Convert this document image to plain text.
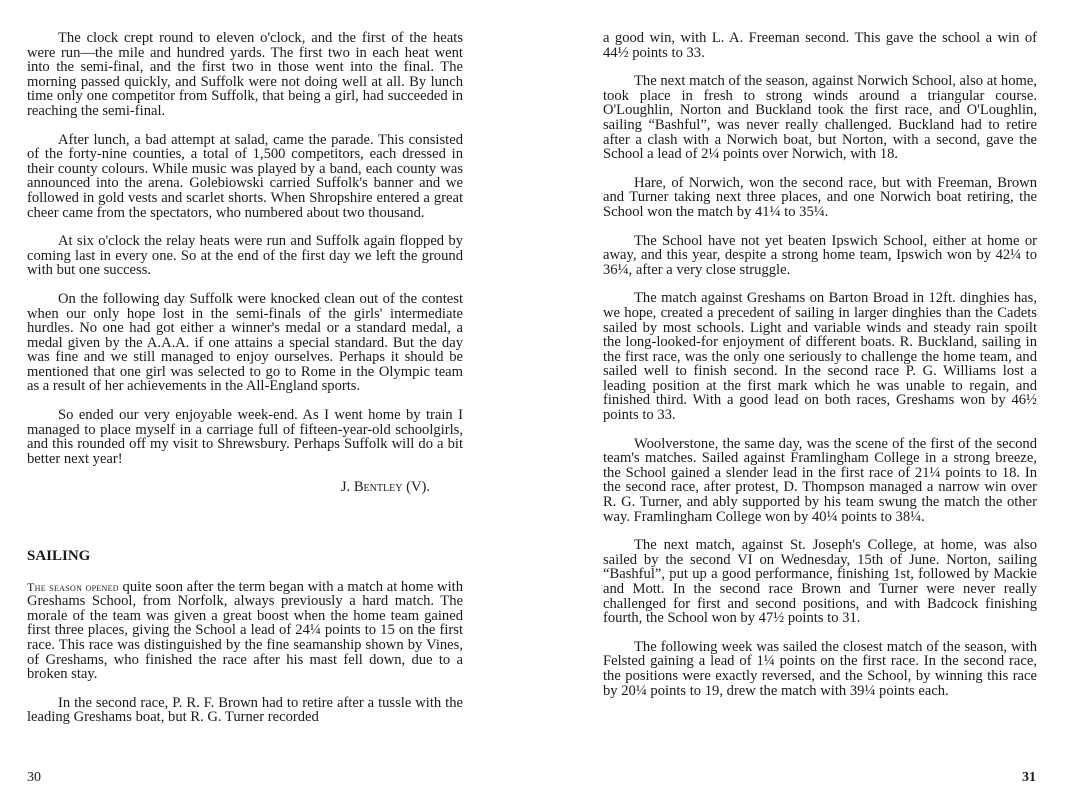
The clock crept round to eleven o'clock, and the first of the heats were run—the mile and hundred yards. The first two in each heat went into the semi-final, and the first two in those went into the final. The morning passed quickly, and Suffolk were not doing well at all. By lunch time only one competitor from Suffolk, that being a girl, had succeeded in reaching the semi-final.

After lunch, a bad attempt at salad, came the parade. This consisted of the forty-nine counties, a total of 1,500 competitors, each dressed in their county colours. While music was played by a band, each county was announced into the arena. Golebiowski carried Suffolk's banner and we followed in gold vests and scarlet shorts. When Shropshire entered a great cheer came from the spectators, who numbered about two thousand.

At six o'clock the relay heats were run and Suffolk again flopped by coming last in every one. So at the end of the first day we left the ground with but one success.

On the following day Suffolk were knocked clean out of the contest when our only hope lost in the semi-finals of the girls' intermediate hurdles. No one had got either a winner's medal or a standard medal, a medal given by the A.A.A. if one attains a special standard. But the day was fine and we still managed to enjoy ourselves. Perhaps it should be mentioned that one girl was selected to go to Rome in the Olympic team as a result of her achievements in the All-England sports.

So ended our very enjoyable week-end. As I went home by train I managed to place myself in a carriage full of fifteen-year-old schoolgirls, and this rounded off my visit to Shrewsbury. Perhaps Suffolk will do a bit better next year!

J. Bentley (V).
SAILING

The season opened quite soon after the term began with a match at home with Greshams School, from Norfolk, always previously a hard match. The morale of the team was given a great boost when the home team gained first three places, giving the School a lead of 24¼ points to 15 on the first race. This race was distinguished by the fine seamanship shown by Vines, of Greshams, who finished the race after his mast fell down, due to a broken stay.

In the second race, P. R. F. Brown had to retire after a tussle with the leading Greshams boat, but R. G. Turner recorded

30

a good win, with L. A. Freeman second. This gave the school a win of 44½ points to 33.

The next match of the season, against Norwich School, also at home, took place in fresh to strong winds around a triangular course. O'Loughlin, Norton and Buckland took the first race, and O'Loughlin, sailing “Bashful”, was never really challenged. Buckland had to retire after a clash with a Norwich boat, but Norton, with a second, gave the School a lead of 2¼ points over Norwich, with 18.

Hare, of Norwich, won the second race, but with Freeman, Brown and Turner taking next three places, and one Norwich boat retiring, the School won the match by 41¼ to 35¼.

The School have not yet beaten Ipswich School, either at home or away, and this year, despite a strong home team, Ipswich won by 42¼ to 36¼, after a very close struggle.

The match against Greshams on Barton Broad in 12ft. dinghies has, we hope, created a precedent of sailing in larger dinghies than the Cadets sailed by most schools. Light and variable winds and steady rain spoilt the long-looked-for enjoyment of different boats. R. Buckland, sailing in the first race, was the only one seriously to challenge the home team, and sailed well to finish second. In the second race P. G. Williams lost a leading position at the first mark which he was unable to regain, and finished third. With a good lead on both races, Greshams won by 46½ points to 33.

Woolverstone, the same day, was the scene of the first of the second team's matches. Sailed against Framlingham College in a strong breeze, the School gained a slender lead in the first race of 21¼ points to 18. In the second race, after protest, D. Thompson managed a narrow win over R. G. Turner, and ably supported by his team swung the match the other way. Framlingham College won by 40¼ points to 38¼.

The next match, against St. Joseph's College, at home, was also sailed by the second VI on Wednesday, 15th of June. Norton, sailing “Bashful”, put up a good performance, finishing 1st, followed by Mackie and Mott. In the second race Brown and Turner were never really challenged for first and second positions, and with Badcock finishing fourth, the School won by 47½ points to 31.

The following week was sailed the closest match of the season, with Felsted gaining a lead of 1¼ points on the first race. In the second race, the positions were exactly reversed, and the School, by winning this race by 20¼ points to 19, drew the match with 39¼ points each.

31
